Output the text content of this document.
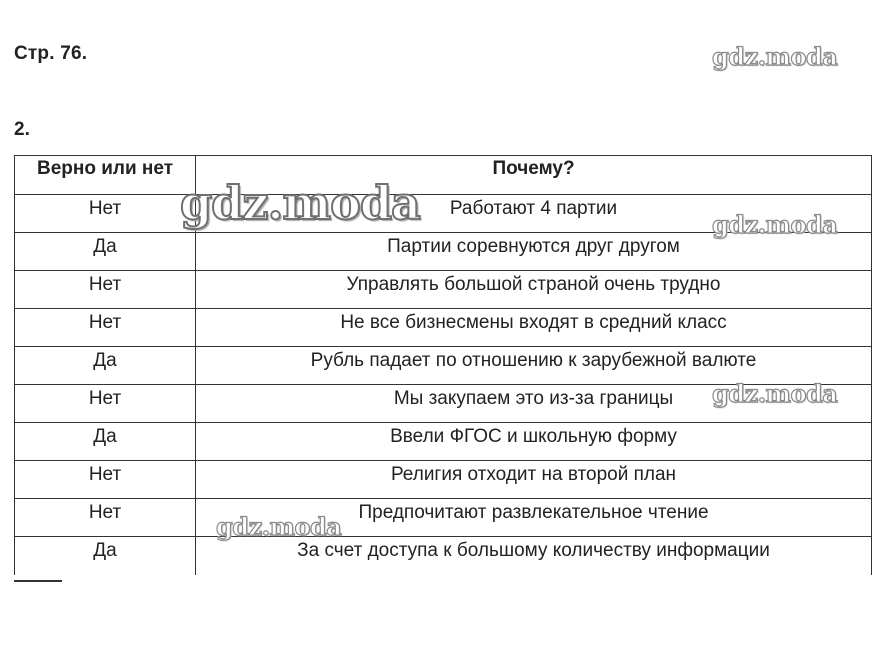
Стр. 76.
2.
Верно или нет	Почему?
Нет	Работают 4 партии
Да	Партии соревнуются друг другом
Нет	Управлять большой страной очень трудно
Нет	Не все бизнесмены входят в средний класс
Да	Рубль падает по отношению к зарубежной валюте
Нет	Мы закупаем это из-за границы
Да	Ввели ФГОС и школьную форму
Нет	Религия отходит на второй план
Нет	Предпочитают развлекательное чтение
Да	За счет доступа к большому количеству информации
gdz.moda
gdz.moda	gdz.moda
gdz.moda
gdz.moda
